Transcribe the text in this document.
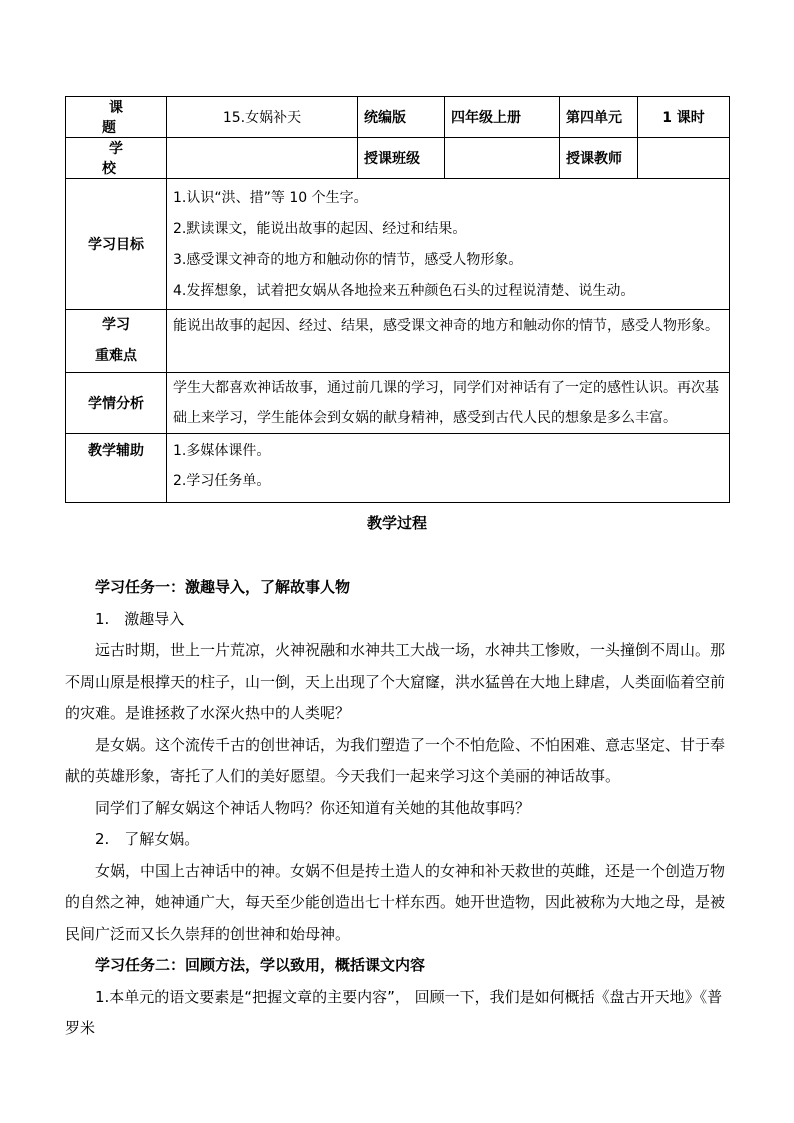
课　题	15.女娲补天	统编版	四年级上册	第四单元	1 课时
学　校		授课班级		授课教师	
学习目标	1.认识“洪、措”等 10 个生字。
2.默读课文，能说出故事的起因、经过和结果。
3.感受课文神奇的地方和触动你的情节，感受人物形象。
4.发挥想象，试着把女娲从各地捡来五种颜色石头的过程说清楚、说生动。				

学习
重难点	能说出故事的起因、经过、结果，感受课文神奇的地方和触动你的情节，感受人物形象。				
学情分析	学生大都喜欢神话故事，通过前几课的学习，同学们对神话有了一定的感性认识。再次基础上来学习，学生能体会到女娲的献身精神，感受到古代人民的想象是多么丰富。				
教学辅助	1.多媒体课件。
2.学习任务单。				
教学过程

学习任务一：激趣导入，了解故事人物

1.　激趣导入

远古时期，世上一片荒凉，火神祝融和水神共工大战一场，水神共工惨败，一头撞倒不周山。那不周山原是根撑天的柱子，山一倒，天上出现了个大窟窿，洪水猛兽在大地上肆虐，人类面临着空前的灾难。是谁拯救了水深火热中的人类呢？

是女娲。这个流传千古的创世神话，为我们塑造了一个不怕危险、不怕困难、意志坚定、甘于奉献的英雄形象，寄托了人们的美好愿望。今天我们一起来学习这个美丽的神话故事。

同学们了解女娲这个神话人物吗？你还知道有关她的其他故事吗？

2.　了解女娲。

女娲，中国上古神话中的神。女娲不但是抟土造人的女神和补天救世的英雌，还是一个创造万物的自然之神，她神通广大，每天至少能创造出七十样东西。她开世造物，因此被称为大地之母，是被民间广泛而又长久崇拜的创世神和始母神。

学习任务二：回顾方法，学以致用，概括课文内容

1.本单元的语文要素是“把握文章的主要内容”， 回顾一下，我们是如何概括《盘古开天地》《普罗米
